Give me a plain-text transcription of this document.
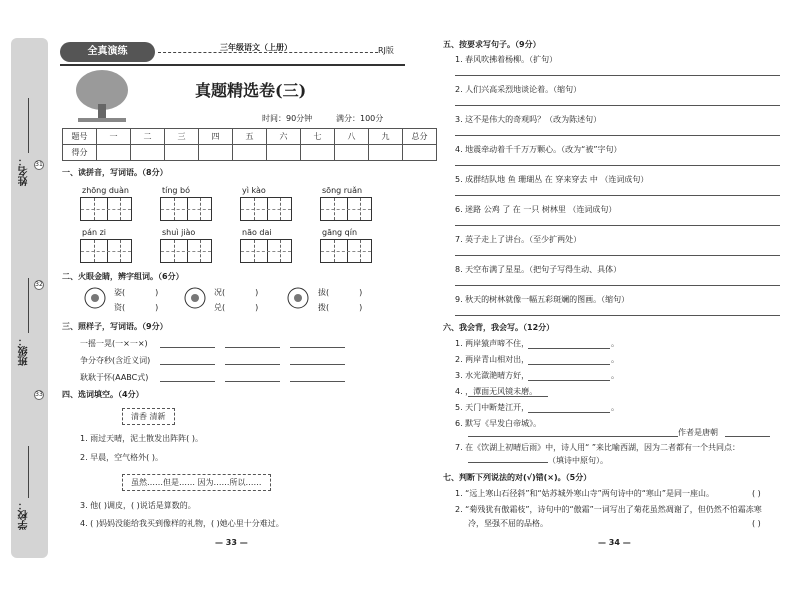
姓名：
班级：
学校：
31
32
33
全真演练	三年级语文（上册）	RJ版
真题精选卷(三)
时间：90分钟	满分：100分
题号	一	二	三	四	五	六	七	八	九	总分
得分										
一、读拼音，写词语。（8分）
zhōng duàn	tíng bó	yì kào	sōng ruǎn
pán zi	shuì jiào	não dai	gāng qín
二、火眼金睛，辨字组词。（6分）
姿(	)
资(	)
况(	)
兑(	)
拔(	)
拨(	)
三、照样子，写词语。（9分）
一摇一晃(一×一×)
争分夺秒(含近义词)
耿耿于怀(AABC式)
四、选词填空。（4分）
清香 清新
1. 雨过天晴，泥土散发出阵阵( )。
2. 早晨，空气格外( )。
虽然……但是…… 因为……所以……
3. 他( )调皮，( )说话是算数的。
4. ( )妈妈没能给我买到像样的礼物，( )她心里十分难过。
— 33 —
五、按要求写句子。（9分）
1. 春风吹拂着杨柳。（扩句）
2. 人们兴高采烈地谈论着。（缩句）
3. 这不是伟大的奇观吗？（改为陈述句）
4. 地震牵动着千千万万颗心。（改为“被”字句）
5. 成群结队地 鱼 珊瑚丛 在 穿来穿去 中 （连词成句）
6. 迷路 公鸡 了 在 一只 树林里 （连词成句）
7. 英子走上了讲台。（至少扩两处）
8. 天空布满了星星。（把句子写得生动、具体）
9. 秋天的树林就像一幅五彩斑斓的图画。（缩句）
六、我会背，我会写。（12分）
1. 两岸猿声啼不住，	。
2. 两岸青山相对出，	。
3. 水光潋滟晴方好，	。
4. ，潭面无风镜未磨。
5. 天门中断楚江开，	。
6. 默写《早发白帝城》。
作者是唐朝
7. 在《饮湖上初晴后雨》中，诗人用“ ”来比喻西湖，因为二者都有一个共同点：
（填诗中原句）。
七、判断下列说法的对(√)错(×)。（5分）
1. “远上寒山石径斜”和“姑苏城外寒山寺”两句诗中的“寒山”是同一座山。	( )
2. “菊残犹有傲霜枝”，诗句中的“傲霜”一词写出了菊花虽然凋谢了，但仍然不怕霜冻寒
冷，坚强不屈的品格。	( )
— 34 —
